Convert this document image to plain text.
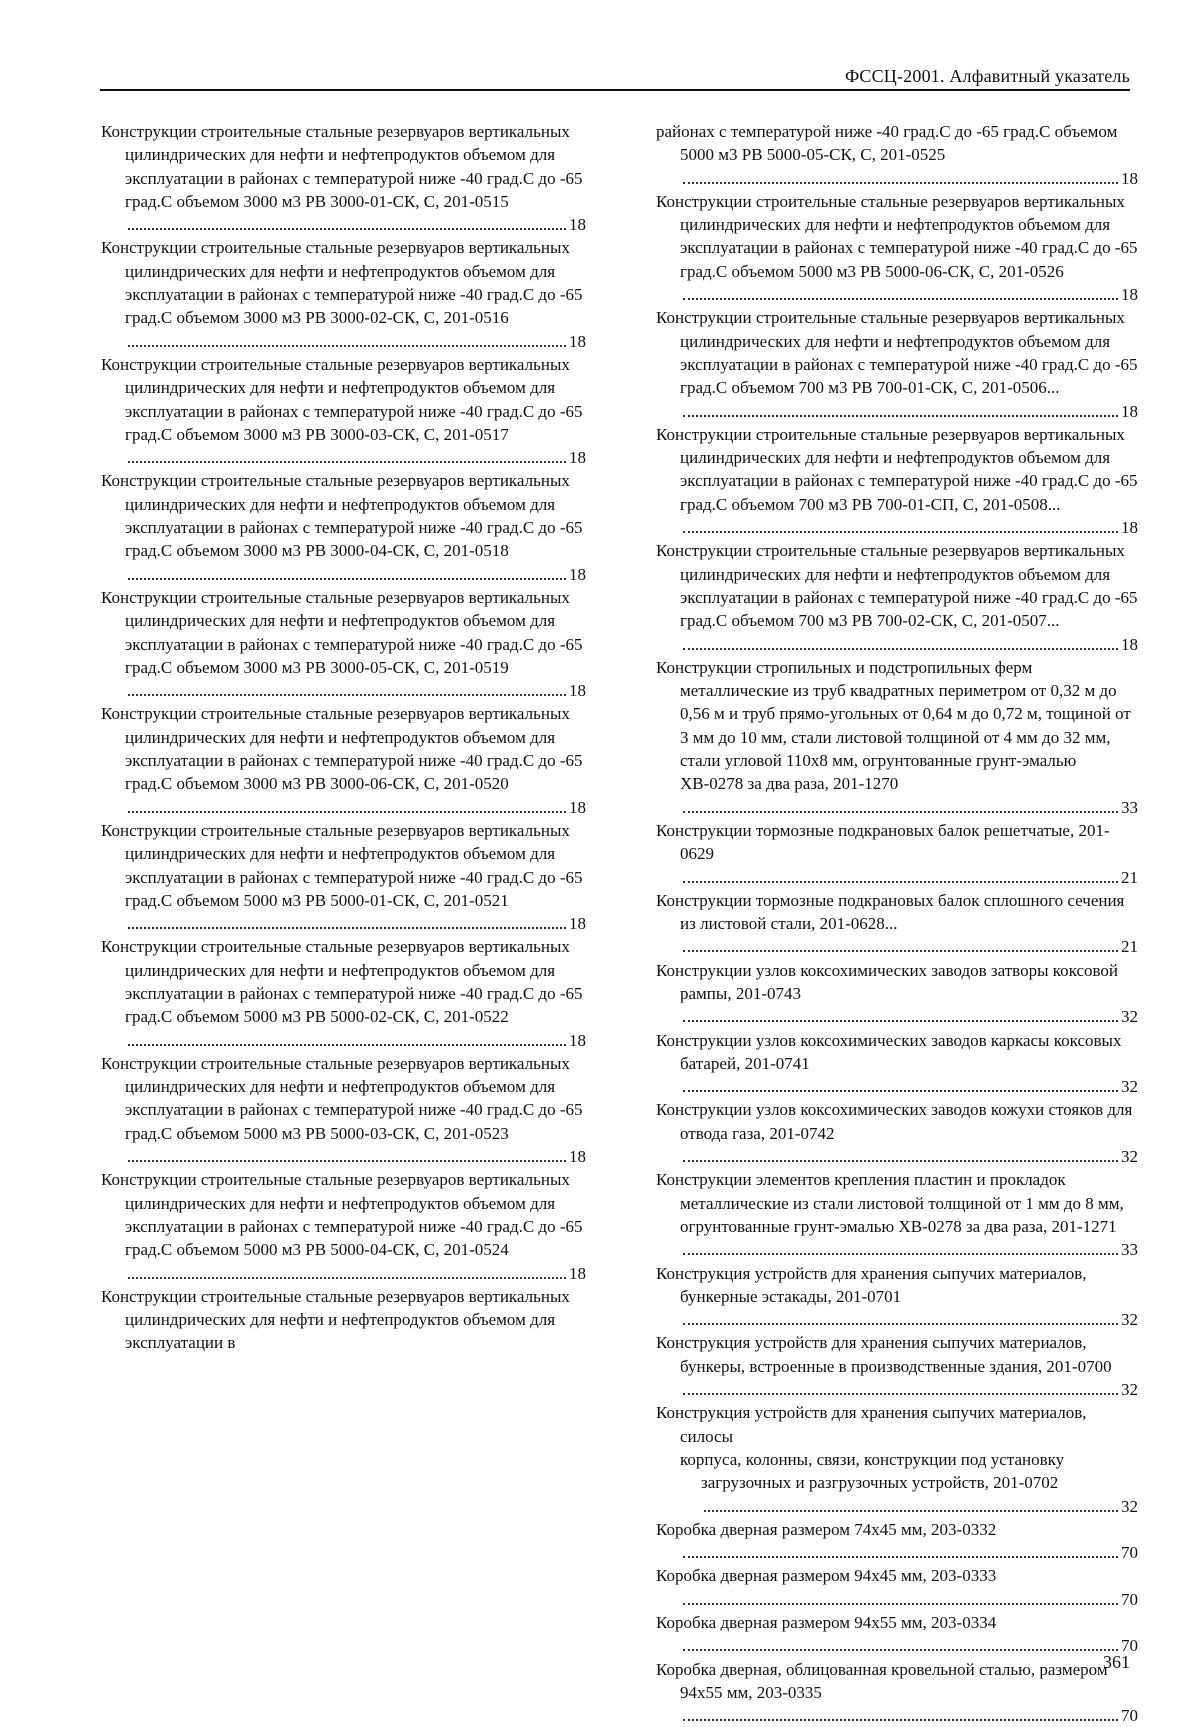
ФССЦ-2001. Алфавитный указатель
Конструкции строительные стальные резервуаров вертикальных цилиндрических для нефти и нефтепродуктов объемом для эксплуатации в районах с температурой ниже -40 град.С до -65 град.С объемом 3000 м3 РВ 3000-01-СК, С, 201-0515
18
Конструкции строительные стальные резервуаров вертикальных цилиндрических для нефти и нефтепродуктов объемом для эксплуатации в районах с температурой ниже -40 град.С до -65 град.С объемом 3000 м3 РВ 3000-02-СК, С, 201-0516
18
Конструкции строительные стальные резервуаров вертикальных цилиндрических для нефти и нефтепродуктов объемом для эксплуатации в районах с температурой ниже -40 град.С до -65 град.С объемом 3000 м3 РВ 3000-03-СК, С, 201-0517
18
Конструкции строительные стальные резервуаров вертикальных цилиндрических для нефти и нефтепродуктов объемом для эксплуатации в районах с температурой ниже -40 град.С до -65 град.С объемом 3000 м3 РВ 3000-04-СК, С, 201-0518
18
Конструкции строительные стальные резервуаров вертикальных цилиндрических для нефти и нефтепродуктов объемом для эксплуатации в районах с температурой ниже -40 град.С до -65 град.С объемом 3000 м3 РВ 3000-05-СК, С, 201-0519
18
Конструкции строительные стальные резервуаров вертикальных цилиндрических для нефти и нефтепродуктов объемом для эксплуатации в районах с температурой ниже -40 град.С до -65 град.С объемом 3000 м3 РВ 3000-06-СК, С, 201-0520
18
Конструкции строительные стальные резервуаров вертикальных цилиндрических для нефти и нефтепродуктов объемом для эксплуатации в районах с температурой ниже -40 град.С до -65 град.С объемом 5000 м3 РВ 5000-01-СК, С, 201-0521
18
Конструкции строительные стальные резервуаров вертикальных цилиндрических для нефти и нефтепродуктов объемом для эксплуатации в районах с температурой ниже -40 град.С до -65 град.С объемом 5000 м3 РВ 5000-02-СК, С, 201-0522
18
Конструкции строительные стальные резервуаров вертикальных цилиндрических для нефти и нефтепродуктов объемом для эксплуатации в районах с температурой ниже -40 град.С до -65 град.С объемом 5000 м3 РВ 5000-03-СК, С, 201-0523
18
Конструкции строительные стальные резервуаров вертикальных цилиндрических для нефти и нефтепродуктов объемом для эксплуатации в районах с температурой ниже -40 град.С до -65 град.С объемом 5000 м3 РВ 5000-04-СК, С, 201-0524
18
Конструкции строительные стальные резервуаров вертикальных цилиндрических для нефти и нефтепродуктов объемом для эксплуатации в
районах с температурой ниже -40 град.С до -65 град.С объемом 5000 м3 РВ 5000-05-СК, С, 201-0525
18
Конструкции строительные стальные резервуаров вертикальных цилиндрических для нефти и нефтепродуктов объемом для эксплуатации в районах с температурой ниже -40 град.С до -65 град.С объемом 5000 м3 РВ 5000-06-СК, С, 201-0526
18
Конструкции строительные стальные резервуаров вертикальных цилиндрических для нефти и нефтепродуктов объемом для эксплуатации в районах с температурой ниже -40 град.С до -65 град.С объемом 700 м3 РВ 700-01-СК, С, 201-0506...
18
Конструкции строительные стальные резервуаров вертикальных цилиндрических для нефти и нефтепродуктов объемом для эксплуатации в районах с температурой ниже -40 град.С до -65 град.С объемом 700 м3 РВ 700-01-СП, С, 201-0508...
18
Конструкции строительные стальные резервуаров вертикальных цилиндрических для нефти и нефтепродуктов объемом для эксплуатации в районах с температурой ниже -40 град.С до -65 град.С объемом 700 м3 РВ 700-02-СК, С, 201-0507...
18
Конструкции стропильных и подстропильных ферм металлические из труб квадратных периметром от 0,32 м до 0,56 м и труб прямо-угольных от 0,64 м до 0,72 м, тощиной от 3 мм до 10 мм, стали листовой толщиной от 4 мм до 32 мм, стали угловой 110х8 мм, огрунтованные грунт-эмалью ХВ-0278 за два раза, 201-1270
33
Конструкции тормозные подкрановых балок решетчатые, 201-0629
21
Конструкции тормозные подкрановых балок сплошного сечения из листовой стали, 201-0628...
21
Конструкции узлов коксохимических заводов затворы коксовой рампы, 201-0743
32
Конструкции узлов коксохимических заводов каркасы коксовых батарей, 201-0741
32
Конструкции узлов коксохимических заводов кожухи стояков для отвода газа, 201-0742
32
Конструкции элементов крепления пластин и прокладок металлические из стали листовой толщиной от 1 мм до 8 мм, огрунтованные грунт-эмалью ХВ-0278 за два раза, 201-1271
33
Конструкция устройств для хранения сыпучих материалов, бункерные эстакады, 201-0701
32
Конструкция устройств для хранения сыпучих материалов, бункеры, встроенные в производственные здания, 201-0700
32
Конструкция устройств для хранения сыпучих материалов, силосы
корпуса, колонны, связи, конструкции под установку загрузочных и разгрузочных устройств, 201-0702
32
Коробка дверная размером 74х45 мм, 203-0332
70
Коробка дверная размером 94х45 мм, 203-0333
70
Коробка дверная размером 94х55 мм, 203-0334
70
Коробка дверная, облицованная кровельной сталью, размером 94х55 мм, 203-0335
70
361
